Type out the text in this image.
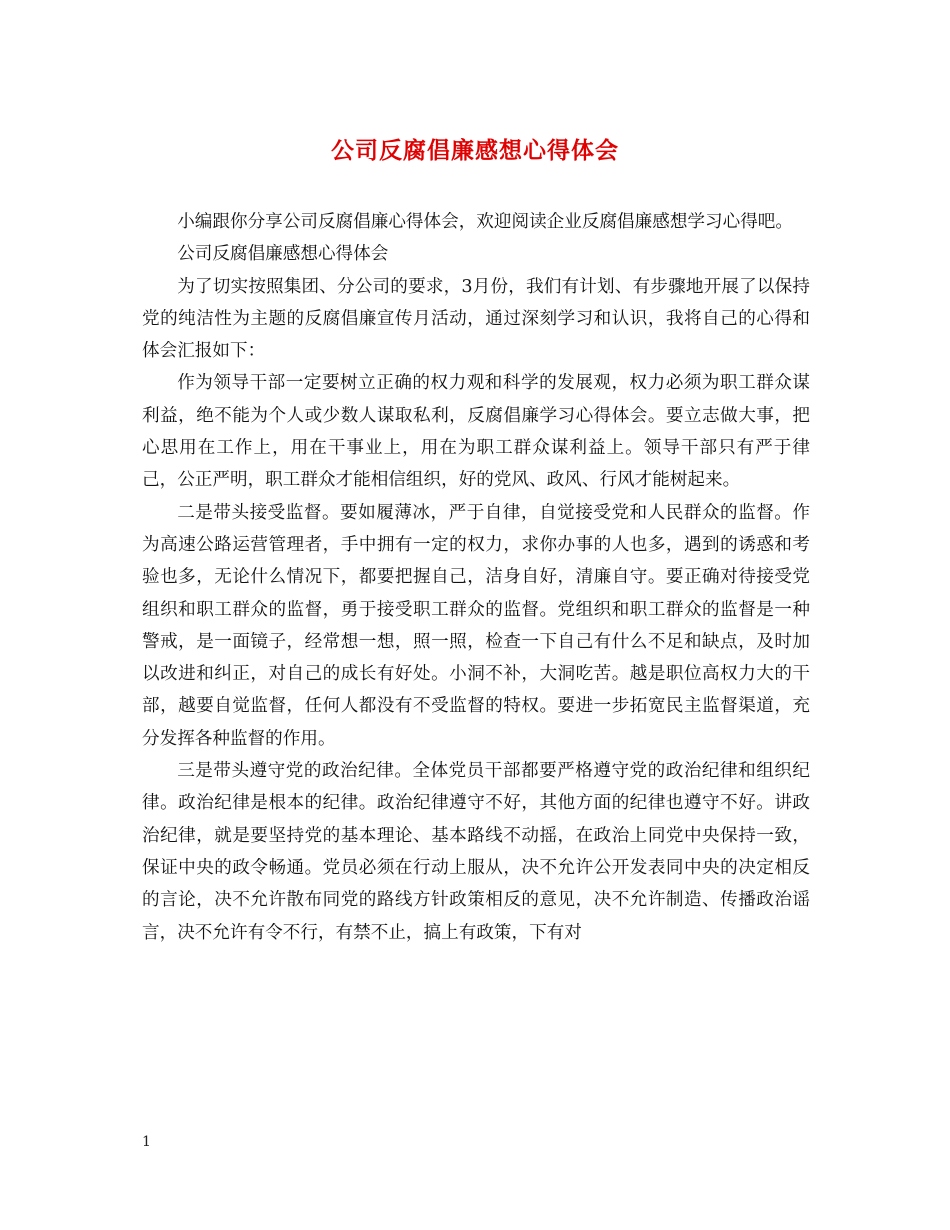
公司反腐倡廉感想心得体会

小编跟你分享公司反腐倡廉心得体会，欢迎阅读企业反腐倡廉感想学习心得吧。

公司反腐倡廉感想心得体会

为了切实按照集团、分公司的要求，3月份，我们有计划、有步骤地开展了以保持党的纯洁性为主题的反腐倡廉宣传月活动，通过深刻学习和认识，我将自己的心得和体会汇报如下：

作为领导干部一定要树立正确的权力观和科学的发展观，权力必须为职工群众谋利益，绝不能为个人或少数人谋取私利，反腐倡廉学习心得体会。要立志做大事，把心思用在工作上，用在干事业上，用在为职工群众谋利益上。领导干部只有严于律己，公正严明，职工群众才能相信组织，好的党风、政风、行风才能树起来。

二是带头接受监督。要如履薄冰，严于自律，自觉接受党和人民群众的监督。作为高速公路运营管理者，手中拥有一定的权力，求你办事的人也多，遇到的诱惑和考验也多，无论什么情况下，都要把握自己，洁身自好，清廉自守。要正确对待接受党组织和职工群众的监督，勇于接受职工群众的监督。党组织和职工群众的监督是一种警戒，是一面镜子，经常想一想，照一照，检查一下自己有什么不足和缺点，及时加以改进和纠正，对自己的成长有好处。小洞不补，大洞吃苦。越是职位高权力大的干部，越要自觉监督，任何人都没有不受监督的特权。要进一步拓宽民主监督渠道，充分发挥各种监督的作用。

三是带头遵守党的政治纪律。全体党员干部都要严格遵守党的政治纪律和组织纪律。政治纪律是根本的纪律。政治纪律遵守不好，其他方面的纪律也遵守不好。讲政治纪律，就是要坚持党的基本理论、基本路线不动摇，在政治上同党中央保持一致，保证中央的政令畅通。党员必须在行动上服从，决不允许公开发表同中央的决定相反的言论，决不允许散布同党的路线方针政策相反的意见，决不允许制造、传播政治谣言，决不允许有令不行，有禁不止，搞上有政策，下有对

1
